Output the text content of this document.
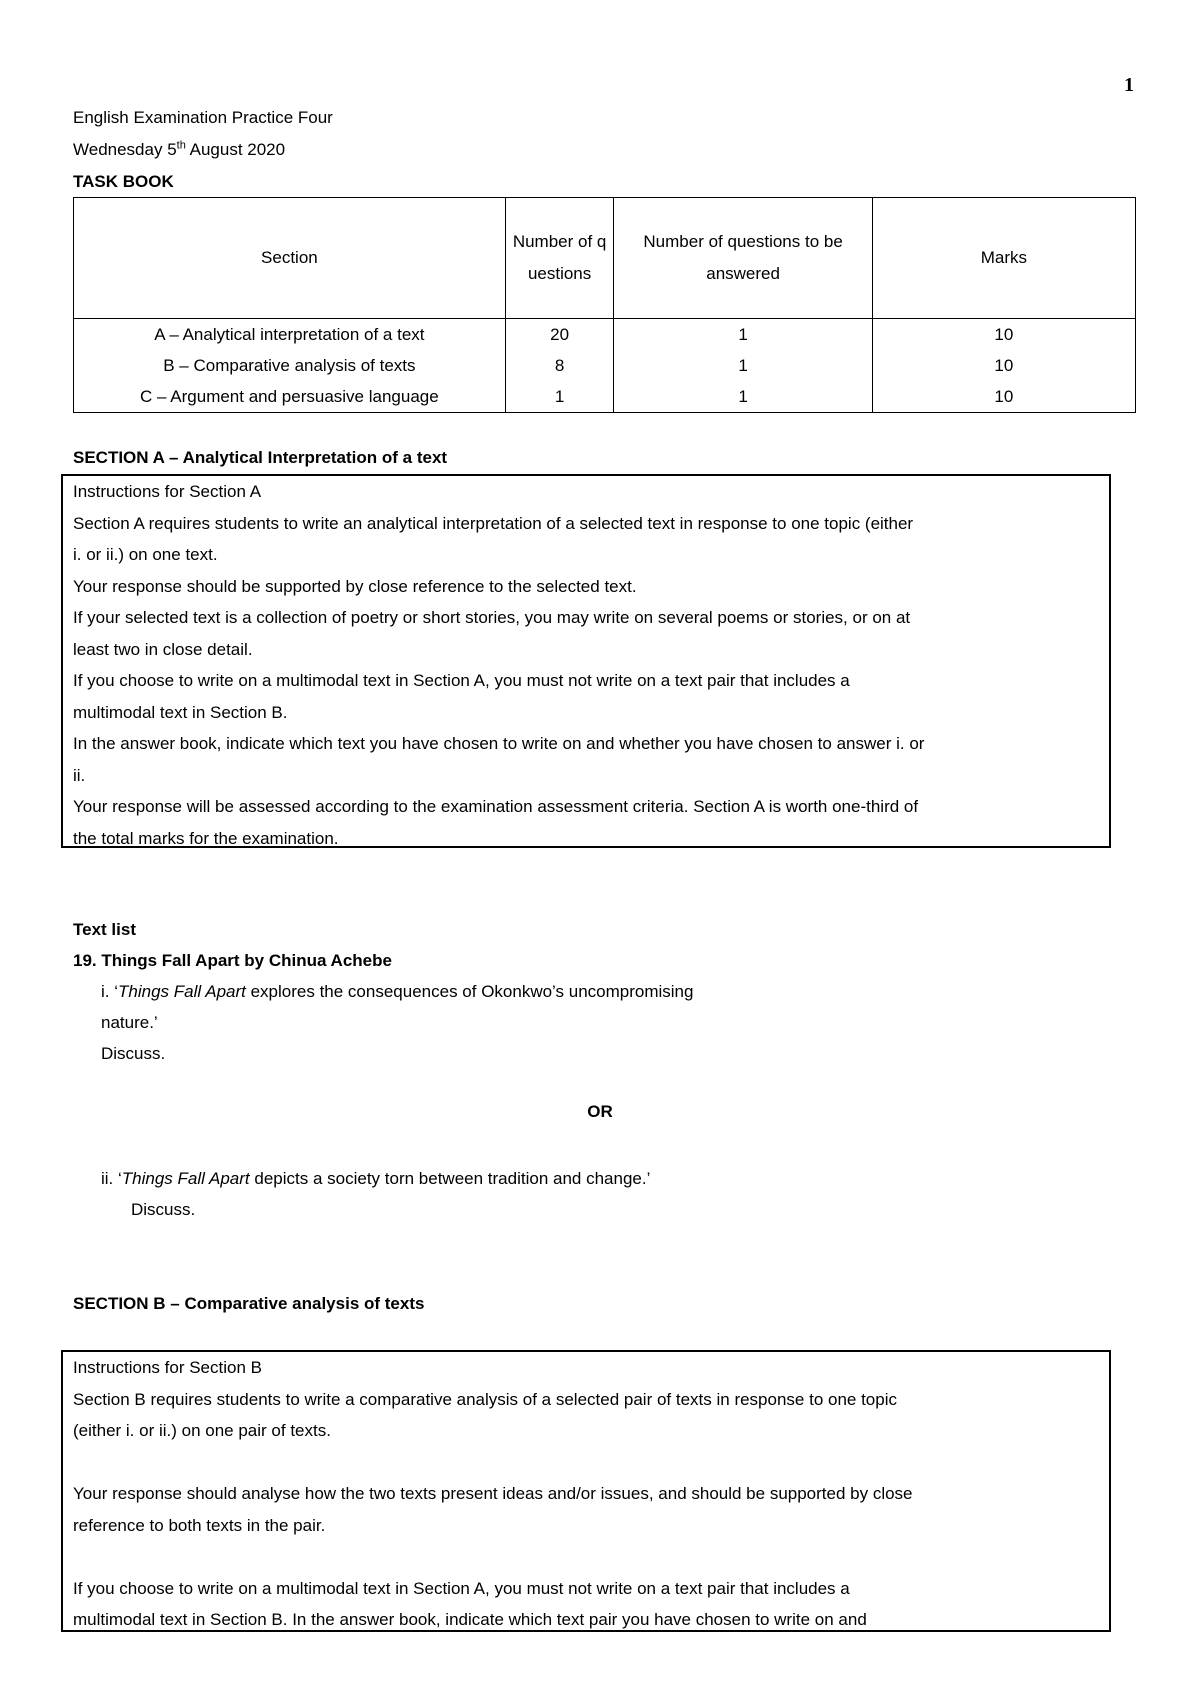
1
English Examination Practice Four
Wednesday 5th August 2020
TASK BOOK
Section	Number of questions	Number of questions to be answered	Marks
A – Analytical interpretation of a text	20	1	10
B – Comparative analysis of texts	8	1	10
C – Argument and persuasive language	1	1	10
SECTION A – Analytical Interpretation of a text

Instructions for Section A

Section A requires students to write an analytical interpretation of a selected text in response to one topic (either

i. or ii.) on one text.

Your response should be supported by close reference to the selected text.

If your selected text is a collection of poetry or short stories, you may write on several poems or stories, or on at

least two in close detail.

If you choose to write on a multimodal text in Section A, you must not write on a text pair that includes a

multimodal text in Section B.

In the answer book, indicate which text you have chosen to write on and whether you have chosen to answer i. or

ii.

Your response will be assessed according to the examination assessment criteria. Section A is worth one-third of

the total marks for the examination.

Text list
19. Things Fall Apart by Chinua Achebe
i. ‘Things Fall Apart explores the consequences of Okonkwo’s uncompromising
nature.’
Discuss.
OR
ii. ‘Things Fall Apart depicts a society torn between tradition and change.’
Discuss.
SECTION B – Comparative analysis of texts

Instructions for Section B

Section B requires students to write a comparative analysis of a selected pair of texts in response to one topic

(either i. or ii.) on one pair of texts.

Your response should analyse how the two texts present ideas and/or issues, and should be supported by close

reference to both texts in the pair.

If you choose to write on a multimodal text in Section A, you must not write on a text pair that includes a

multimodal text in Section B. In the answer book, indicate which text pair you have chosen to write on and
